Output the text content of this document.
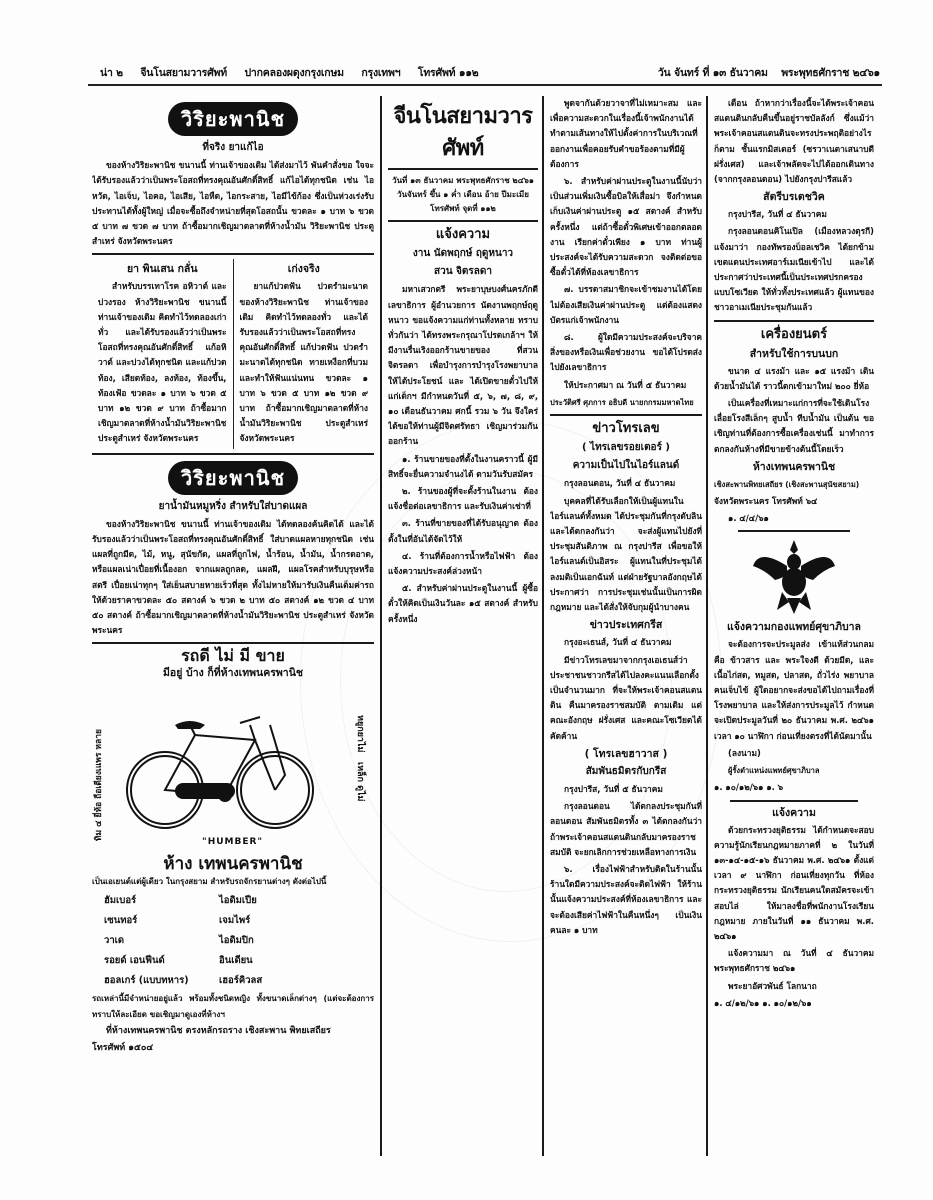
น่า ๒ จีนโนสยามวารศัพท์ ปากคลองผดุงกรุงเกษม กรุงเทพฯ โทรศัพท์ ๑๑๒	วัน จันทร์ ที่ ๑๓ ธันวาคม พระพุทธศักราช ๒๔๖๑
วิริยะพานิช
ที่จริง ยาแก้ไอ

ของห้างวิริยะพานิช ขนานนี้ ท่านเจ้าของเดิม ได้ส่งมาไว้ พันคำสั่งขอ ใจจะได้รับรองแล้วว่าเป็นพระโอสถที่ทรงคุณอันศักดิ์สิทธิ์ แก้ไอได้ทุกชนิด เช่น ไอหวัด, ไอเจ็บ, ไอคอ, ไอเสีย, ไอหืด, ไอกระสาย, ไอมีไข้ก้อง ซึ่งเป็นห่วงเร่งรับประทานได้ทั้งผู้ใหญ่ เมื่อจะซื้อถึงจำหน่ายที่สุดโอสถนั้น ขวดละ ๑ บาท ๖ ขวด ๕ บาท ๗ ขวด ๗ บาท ถ้าซื้อมากเชิญมาตลาดที่ห้างน้ำมัน วิริยะพานิช ประตูสำเหร่ จังหวัดพระนคร

ยา พินเสน กลั่น

สำหรับบรรเทาโรค อหิวาต์ และบ่วงรอง ห้างวิริยะพานิช ขนานนี้ ท่านเจ้าของเดิม คิดทำไว้ทดลองเก่าทั่ว และได้รับรองแล้วว่าเป็นพระโอสถที่ทรงคุณอันศักดิ์สิทธิ์ แก้อหิวาต์ และบ่วงได้ทุกชนิด และแก้ปวดท้อง, เสียดท้อง, ลงท้อง, ท้องขึ้น, ท้องเฟ้อ ขวดละ ๑ บาท ๖ ขวด ๕ บาท ๑๒ ขวด ๙ บาท ถ้าซื้อมากเชิญมาตลาดที่ห้างน้ำมันวิริยะพานิช ประตูสำเหร่ จังหวัดพระนคร

เก่งจริง

ยาแก้ปวดฟัน ปวดรำมะนาด ของห้างวิริยะพานิช ท่านเจ้าของเดิม คิดทำไว้ทดลองทั่ว และได้รับรองแล้วว่าเป็นพระโอสถที่ทรงคุณอันศักดิ์สิทธิ์ แก้ปวดฟัน ปวดรำมะนาดได้ทุกชนิด ทายเหงือกที่บวม และทำให้ฟันแน่นทน ขวดละ ๑ บาท ๖ ขวด ๕ บาท ๑๒ ขวด ๙ บาท ถ้าซื้อมากเชิญมาตลาดที่ห้างน้ำมันวิริยะพานิช ประตูสำเหร่ จังหวัดพระนคร

วิริยะพานิช
ยาน้ำมันหมูหริ่ง สำหรับใส่บาดแผล

ของห้างวิริยะพานิช ขนานนี้ ท่านเจ้าของเดิม ได้ทดลองค้นคิดได้ และได้รับรองแล้วว่าเป็นพระโอสถที่ทรงคุณอันศักดิ์สิทธิ์ ใส่บาดแผลหายทุกชนิด เช่น แผลที่ถูกมีด, ไม้, หนู, สุนัขกัด, แผลที่ถูกไฟ, น้ำร้อน, น้ำมัน, น้ำกรดอาด, หรือแผลเน่าเปื่อยที่เนื้องอก จากแผลถูกลด, แผลฝี, แผลโรคสำหรับบุรุษหรือสตรี เปื่อยเน่าทุกๆ ใส่เย็นสบายหายเร็วที่สุด ทั้งไม่หายให้มารับเงินคืนเต็มค่ารถ ให้ด้วยราคาขวดละ ๕๐ สตางค์ ๖ ขวด ๒ บาท ๕๐ สตางค์ ๑๒ ขวด ๔ บาท ๕๐ สตางค์ ถ้าซื้อมากเชิญมาตลาดที่ห้างน้ำมันวิริยะพานิช ประตูสำเหร่ จังหวัดพระนคร

รถดี ไม่ มี ขาย
มีอยู่ บ้าง ก็ที่ห้างเทพนครพานิช
ทิม ๔ ยี่ห้อ ถือเตียงเแพร หลาย	หยูกยาไม่
เหล็ก ดูไม่
"HUMBER"
ห้าง เทพนครพานิช

เป็นเอเยนต์แต่ผู้เดียว ในกรุงสยาม สำหรับรถจักรยานต่างๆ ดังต่อไปนี้

ฮัมเบอร์	ไอดิมเปีย
เซนทอร์	เจมไพร์
วาเด	ไอดิมปิก
รอยด์ เอนฟีนด์	อินเดียน
ฮอลเกร์ (แบบทหาร)	เฮอร์คิวลส

รถเหล่านี้มีจำหน่ายอยู่แล้ว พร้อมทั้งชนิดหญิง ทั้งขนาดเล็กต่างๆ (แต่จะต้องการทราบให้ละเอียด ขอเชิญมาดูเองที่ห้างฯ

ที่ห้างเทพนครพานิช ตรงหลักรถราง เชิงสะพาน พิทยเสถียร

โทรศัพท์ ๑๕๐๔

จีนโนสยามวารศัพท์
วันที่ ๑๓ ธันวาคม พระพุทธศักราช ๒๔๖๑
วันจันทร์ ขึ้น ๑ ค่ำ เดือน อ้าย ปีมะเมีย
โทรศัพท์ จุดที่ ๑๑๒
แจ้งความ
งาน นัดพฤกษ์ ฤดูหนาว
สวน จิตรลดา

มหาเสวกตรี พระยาบุษบงศ์นครภักดี เลขาธิการ ผู้อำนวยการ นัดงานพฤกษ์ฤดูหนาว ขอแจ้งความแก่ท่านทั้งหลาย ทราบทั่วกันว่า ได้ทรงพระกรุณาโปรดเกล้าฯ ให้มีงานรื่นเริงออกร้านขายของ ที่สวนจิตรลดา เพื่อบำรุงการบำรุงโรงพยาบาลให้ได้ประโยชน์ และ ได้เปิดขายตั๋วไปให้แก่เด็กฯ มีกำหนดวันที่ ๕, ๖, ๗, ๘, ๙, ๑๐ เดือนธันวาคม ศกนี้ รวม ๖ วัน จึงใคร่ได้ขอให้ท่านผู้มีจิตศรัทธา เชิญมาร่วมกันออกร้าน

๑. ร้านขายของที่ตั้งในงานคราวนี้ ผู้มีสิทธิ์จะยื่นความจำนงได้ ตามวันรับสมัคร

๒. ร้านของผู้ที่จะตั้งร้านในงาน ต้องแจ้งชื่อต่อเลขาธิการ และรับเงินค่าเช่าที่

๓. ร้านที่ขายของที่ได้รับอนุญาต ต้องตั้งในที่อันได้จัดไว้ให้

๔. ร้านที่ต้องการน้ำหรือไฟฟ้า ต้องแจ้งความประสงค์ล่วงหน้า

๕. สำหรับค่าผ่านประตูในงานนี้ ผู้ซื้อตั๋วให้คิดเป็นเงินวันละ ๑๕ สตางค์ สำหรับครั้งหนึ่ง

พูดจากันด้วยวาจาที่ไม่เหมาะสม และเพื่อความสะดวกในเรื่องนี้เจ้าพนักงานได้ทำตามเส้นทางให้ไปตั้งค่าการในบริเวณที่ออกงานเพื่อคอยรับคำขอร้องตามที่มีผู้ต้องการ

๖. สำหรับค่าผ่านประตูในงานนี้นับว่าเป็นส่วนเพิ่มเงินซื้อบิลให้เสื่อม่า จึงกำหนดเก็บเงินค่าผ่านประตู ๑๕ สตางค์ สำหรับครั้งหนึ่ง แต่ถ้าซื้อตั๋วพิเศษเข้าออกตลอดงาน เรียกค่าตั๋วเพียง ๑ บาท ท่านผู้ประสงค์จะได้รับความสะดวก จงติดต่อขอซื้อตั๋วได้ที่ห้องเลขาธิการ

๗. บรรดาสมาชิกจะเข้าชมงานได้โดยไม่ต้องเสียเงินค่าผ่านประตู แต่ต้องแสดงบัตรแก่เจ้าพนักงาน

๘. ผู้ใดมีความประสงค์จะบริจาคสิ่งของหรือเงินเพื่อช่วยงาน ขอได้โปรดส่งไปยังเลขาธิการ

ให้ประกาศมา ณ วันที่ ๕ ธันวาคม

ประวัติศรี ศุภการ อธิบดี นายกกรมมหาดไทย

ข่าวโทรเลข
( ไทรเลขรอยเตอร์ )
ความเป็นไปในไอร์แลนด์

กรุงลอนดอน, วันที่ ๔ ธันวาคม

บุคคลที่ได้รับเลือกให้เป็นผู้แทนในไอร์แลนด์ทั้งหมด ได้ประชุมกันที่กรุงดับลิน และได้ตกลงกันว่า จะส่งผู้แทนไปยังที่ประชุมสันติภาพ ณ กรุงปารีส เพื่อขอให้ไอร์แลนด์เป็นอิสระ ผู้แทนในที่ประชุมได้ลงมติเป็นเอกฉันท์ แต่ฝ่ายรัฐบาลอังกฤษได้ประกาศว่า การประชุมเช่นนั้นเป็นการผิดกฎหมาย และได้สั่งให้จับกุมผู้นำบางคน

ข่าวประเทศกรีส

กรุงอะเธนส์, วันที่ ๔ ธันวาคม

มีข่าวโทรเลขมาจากกรุงเอเธนส์ว่า ประชาชนชาวกรีสได้ไปลงคะแนนเลือกตั้งเป็นจำนวนมาก ที่จะให้พระเจ้าคอนสแตนติน คืนมาครองราชสมบัติ ตามเดิม แต่คณะอังกฤษ ฝรั่งเศส และคณะโซเวียตได้คัดค้าน

( โทรเลขฮาวาส )
สัมพันธมิตรกับกรีส

กรุงปารีส, วันที่ ๕ ธันวาคม

กรุงลอนดอน ได้ตกลงประชุมกันที่ลอนดอน สัมพันธมิตรทั้ง ๓ ได้ตกลงกันว่า ถ้าพระเจ้าคอนสแตนตินกลับมาครองราชสมบัติ จะยกเลิกการช่วยเหลือทางการเงิน

๖. เรื่องไฟฟ้าสำหรับติดในร้านนั้น ร้านใดมีความประสงค์จะติดไฟฟ้า ให้ร้านนั้นแจ้งความประสงค์ที่ห้องเลขาธิการ และจะต้องเสียค่าไฟฟ้าในคืนหนึ่งๆ เป็นเงินคนละ ๑ บาท

เดือน ถ้าหากว่าเรื่องนี้จะได้พระเจ้าคอนสแตนตินกลับคืนขึ้นอยู่ราชบัลลังก์ ซึ่งแม้ว่า พระเจ้าคอนสแตนตินจะทรงประพฤติอย่างไรก็ตาม ชั้นแรกมิสเตอร์ (ซรวาเนตาเสนาบดีฝรั่งเศส) และเจ้าพลัดจะไปได้ออกเดินทาง (จากกรุงลอนดอน) ไปยังกรุงปารีสแล้ว

สัตรีบรเตชวิค

กรุงปารีส, วันที่ ๔ ธันวาคม

กรุงลอนดอนคิโนเปิล (เมืองหลวงตุรกี) แจ้งมาว่า กองทัพรองบ็อลเชวิค ได้ยกข้ามเขตแดนประเทศอาร์เมเนียเข้าไป และได้ประกาศว่าประเทศนี้เป็นประเทศปรกครองแบบโซเวียต ให้ทั่วทั้งประเทศแล้ว ผู้แทนของชาวอาเมเนียประชุมกันแล้ว

เครื่องยนตร์
สำหรับใช้การบนบก

ขนาด ๔ แรงม้า และ ๑๕ แรงม้า เดินด้วยน้ำมันได้ ราวนี้ตกเข้ามาใหม่ ๒๐๐ ยี่ห้อ

เป็นเครื่องที่เหมาะแก่การที่จะใช้เดินโรงเลื่อยโรงสีเล็กๆ สูบน้ำ ทีบน้ำมัน เป็นต้น ขอเชิญท่านที่ต้องการซื้อเครื่องเช่นนี้ มาทำการตกลงกันห้างที่มีขายข้างต้นนี้โดยเร็ว

ห้างเทพนครพานิช

เชิงสะพานพิทยเสถียร (เชิงสะพานสุนัขสยาม)

จังหวัดพระนคร โทรศัพท์ ๖๔

๑. ๔/๔/๖๑

แจ้งความกองแพทย์ศุขาภิบาล

จะต้องการจะประมูลส่ง เข้าแท้ส่วนกลม คือ ข้าวสาร และ พระใจงดี ด้วยมีด, และเนื้อไก่สด, หมูสด, ปลาสด, ถั่วไร่ง พยาบาลคนเจ็บไข้ ผู้ใดอยากจะส่งขอได้ไปถามเรื่องที่โรงพยาบาล และให้ส่งการประมูลไว้ กำหนดจะเปิดประมูลวันที่ ๒๐ ธันวาคม พ.ศ. ๒๔๖๑ เวลา ๑๐ นาฬิกา ก่อนเที่ยงตรงที่ได้นัดมานั้น

(ลงนาม)

ผู้รั้งตำแหน่งแพทย์ศุขาภิบาล

๑. ๑๐/๑๒/๖๑ ๑. ๖

แจ้งความ

ด้วยกระทรวงยุติธรรม ได้กำหนดจะสอบความรู้นักเรียนกฎหมายภาคที่ ๒ ในวันที่ ๑๓-๑๔-๑๕-๑๖ ธันวาคม พ.ศ. ๒๔๖๑ ตั้งแต่เวลา ๙ นาฬิกา ก่อนเที่ยงทุกวัน ที่ห้องกระทรวงยุติธรรม นักเรียนคนใดสมัครจะเข้าสอบไล่ ให้มาลงชื่อที่พนักงานโรงเรียนกฎหมาย ภายในวันที่ ๑๑ ธันวาคม พ.ศ. ๒๔๖๑

แจ้งความมา ณ วันที่ ๔ ธันวาคม พระพุทธศักราช ๒๔๖๑

พระยาอัศวพันธ์ โลกนาถ

๑. ๔/๑๒/๖๑ ๑. ๑๐/๑๒/๖๑
